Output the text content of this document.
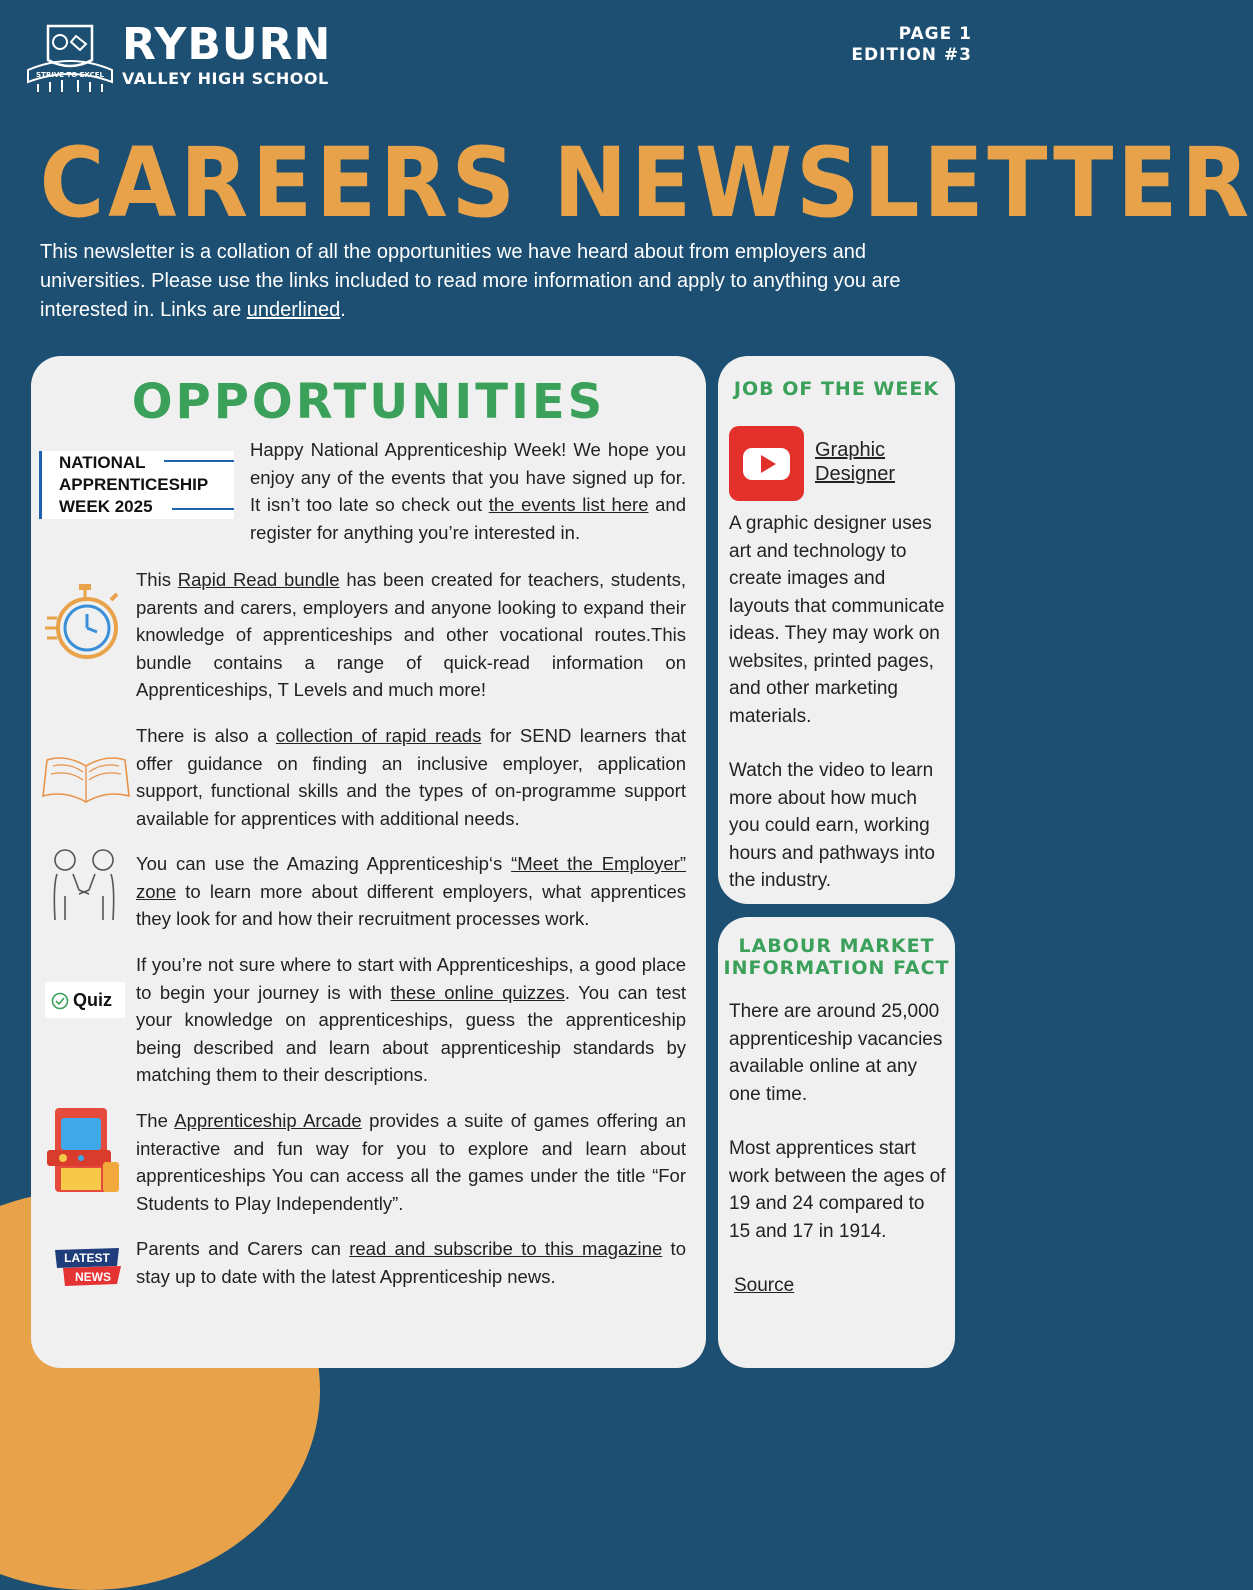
STRIVE TO EXCEL
RYBURN
VALLEY HIGH SCHOOL
PAGE 1
EDITION #3
CAREERS NEWSLETTER
This newsletter is a collation of all the opportunities we have heard about from employers and universities. Please use the links included to read more information and apply to anything you are interested in. Links are underlined.
OPPORTUNITIES
NATIONAL
APPRENTICESHIP
WEEK 2025
Happy National Apprenticeship Week! We hope you enjoy any of the events that you have signed up for. It isn’t too late so check out the events list here and register for anything you’re interested in.
This Rapid Read bundle has been created for teachers, students, parents and carers, employers and anyone looking to expand their knowledge of apprenticeships and other vocational routes.This bundle contains a range of quick-read information on Apprenticeships, T Levels and much more!
There is also a collection of rapid reads for SEND learners that offer guidance on finding an inclusive employer, application support, functional skills and the types of on-programme support available for apprentices with additional needs.
You can use the Amazing Apprenticeship‘s “Meet the Employer” zone to learn more about different employers, what apprentices they look for and how their recruitment processes work.
Quiz
If you’re not sure where to start with Apprenticeships, a good place to begin your journey is with these online quizzes. You can test your knowledge on apprenticeships, guess the apprenticeship being described and learn about apprenticeship standards by matching them to their descriptions.
The Apprenticeship Arcade provides a suite of games offering an interactive and fun way for you to explore and learn about apprenticeships You can access all the games under the title “For Students to Play Independently”.
LATEST
NEWS
Parents and Carers can read and subscribe to this magazine to stay up to date with the latest Apprenticeship news.
JOB OF THE WEEK
Graphic
Designer
A graphic designer uses art and technology to create images and layouts that communicate ideas. They may work on websites, printed pages, and other marketing materials.
Watch the video to learn more about how much you could earn, working hours and pathways into the industry.
LABOUR MARKET
INFORMATION FACT
There are around 25,000 apprenticeship vacancies available online at any one time.
Most apprentices start work between the ages of 19 and 24 compared to 15 and 17 in 1914.
Source
